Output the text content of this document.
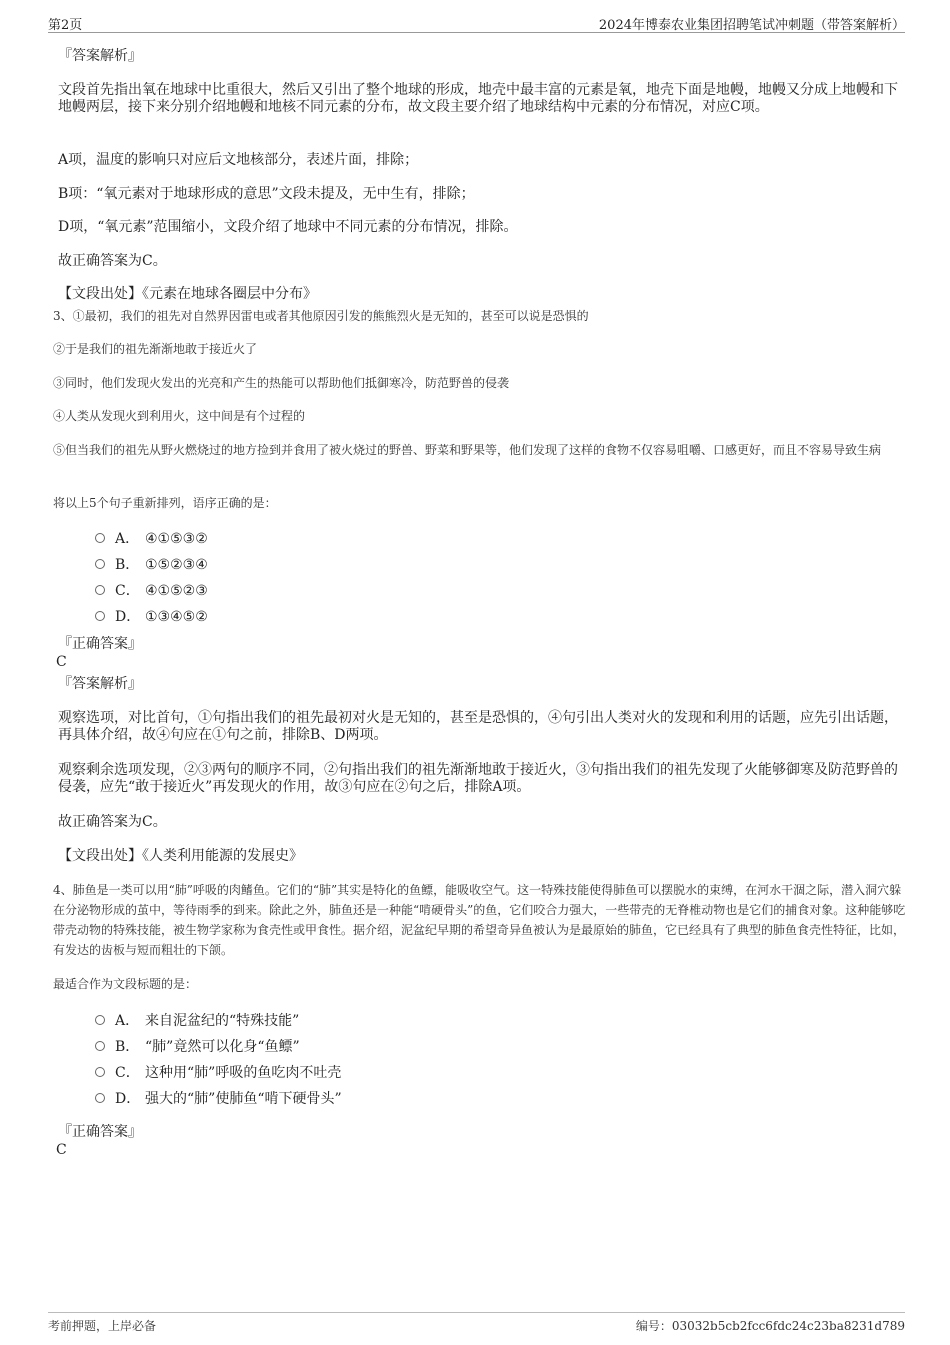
第2页	2024年博泰农业集团招聘笔试冲刺题（带答案解析）
『答案解析』
文段首先指出氧在地球中比重很大，然后又引出了整个地球的形成，地壳中最丰富的元素是氧，地壳下面是地幔，地幔又分成上地幔和下地幔两层，接下来分别介绍地幔和地核不同元素的分布，故文段主要介绍了地球结构中元素的分布情况，对应C项。
A项，温度的影响只对应后文地核部分，表述片面，排除；
B项：“氧元素对于地球形成的意思”文段未提及，无中生有，排除；
D项，“氧元素”范围缩小，文段介绍了地球中不同元素的分布情况，排除。
故正确答案为C。
【文段出处】《元素在地球各圈层中分布》
3、①最初，我们的祖先对自然界因雷电或者其他原因引发的熊熊烈火是无知的，甚至可以说是恐惧的
②于是我们的祖先渐渐地敢于接近火了
③同时，他们发现火发出的光亮和产生的热能可以帮助他们抵御寒冷，防范野兽的侵袭
④人类从发现火到利用火，这中间是有个过程的
⑤但当我们的祖先从野火燃烧过的地方捡到并食用了被火烧过的野兽、野菜和野果等，他们发现了这样的食物不仅容易咀嚼、口感更好，而且不容易导致生病
将以上5个句子重新排列，语序正确的是：
A． ④①⑤③②
B． ①⑤②③④
C． ④①⑤②③
D． ①③④⑤②
『正确答案』
C
『答案解析』
观察选项，对比首句，①句指出我们的祖先最初对火是无知的，甚至是恐惧的，④句引出人类对火的发现和利用的话题，应先引出话题，再具体介绍，故④句应在①句之前，排除B、D两项。
观察剩余选项发现，②③两句的顺序不同，②句指出我们的祖先渐渐地敢于接近火，③句指出我们的祖先发现了火能够御寒及防范野兽的侵袭，应先“敢于接近火”再发现火的作用，故③句应在②句之后，排除A项。
故正确答案为C。
【文段出处】《人类利用能源的发展史》
4、肺鱼是一类可以用“肺”呼吸的肉鳍鱼。它们的“肺”其实是特化的鱼鳔，能吸收空气。这一特殊技能使得肺鱼可以摆脱水的束缚，在河水干涸之际，潜入洞穴躲在分泌物形成的茧中，等待雨季的到来。除此之外，肺鱼还是一种能“啃硬骨头”的鱼，它们咬合力强大，一些带壳的无脊椎动物也是它们的捕食对象。这种能够吃带壳动物的特殊技能，被生物学家称为食壳性或甲食性。据介绍，泥盆纪早期的希望奇异鱼被认为是最原始的肺鱼，它已经具有了典型的肺鱼食壳性特征，比如，有发达的齿板与短而粗壮的下颌。
最适合作为文段标题的是：
A． 来自泥盆纪的“特殊技能”
B． “肺”竟然可以化身“鱼鳔”
C． 这种用“肺”呼吸的鱼吃肉不吐壳
D． 强大的“肺”使肺鱼“啃下硬骨头”
『正确答案』
C
考前押题，上岸必备	编号：03032b5cb2fcc6fdc24c23ba8231d789
